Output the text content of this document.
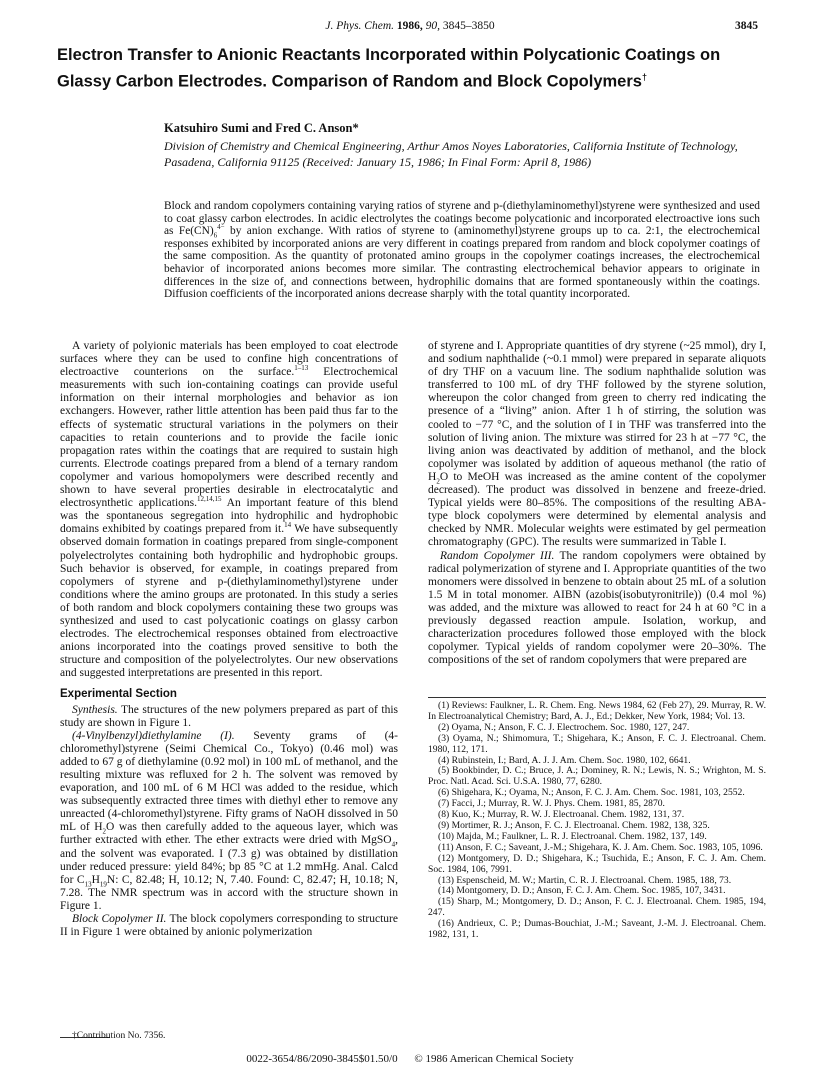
J. Phys. Chem. 1986, 90, 3845–3850	3845
Electron Transfer to Anionic Reactants Incorporated within Polycationic Coatings on Glassy Carbon Electrodes. Comparison of Random and Block Copolymers†
Katsuhiro Sumi and Fred C. Anson*
Division of Chemistry and Chemical Engineering, Arthur Amos Noyes Laboratories, California Institute of Technology, Pasadena, California 91125 (Received: January 15, 1986; In Final Form: April 8, 1986)
Block and random copolymers containing varying ratios of styrene and p-(diethylaminomethyl)styrene were synthesized and used to coat glassy carbon electrodes. In acidic electrolytes the coatings become polycationic and incorporated electroactive ions such as $Fe(CN)_6^{4-}$ by anion exchange. With ratios of styrene to (aminomethyl)styrene groups up to ca. 2:1, the electrochemical responses exhibited by incorporated anions are very different in coatings prepared from random and block copolymer coatings of the same composition. As the quantity of protonated amino groups in the copolymer coatings increases, the electrochemical behavior of incorporated anions becomes more similar. The contrasting electrochemical behavior appears to originate in differences in the size of, and connections between, hydrophilic domains that are formed spontaneously within the coatings. Diffusion coefficients of the incorporated anions decrease sharply with the total quantity incorporated.

A variety of polyionic materials has been employed to coat electrode surfaces where they can be used to confine high concentrations of electroactive counterions on the surface.$^{1-13}$ Electrochemical measurements with such ion-containing coatings can provide useful information on their internal morphologies and behavior as ion exchangers. However, rather little attention has been paid thus far to the effects of systematic structural variations in the polymers on their capacities to retain counterions and to provide the facile ionic propagation rates within the coatings that are required to sustain high currents. Electrode coatings prepared from a blend of a ternary random copolymer and various homopolymers were described recently and shown to have several properties desirable in electrocatalytic and electrosynthetic applications.$^{12,14,15}$ An important feature of this blend was the spontaneous segregation into hydrophilic and hydrophobic domains exhibited by coatings prepared from it.$^{14}$ We have subsequently observed domain formation in coatings prepared from single-component polyelectrolytes containing both hydrophilic and hydrophobic groups. Such behavior is observed, for example, in coatings prepared from copolymers of styrene and p-(diethylaminomethyl)styrene under conditions where the amino groups are protonated. In this study a series of both random and block copolymers containing these two groups was synthesized and used to cast polycationic coatings on glassy carbon electrodes. The electrochemical responses obtained from electroactive anions incorporated into the coatings proved sensitive to both the structure and composition of the polyelectrolytes. Our new observations and suggested interpretations are presented in this report.

Experimental Section

Synthesis. The structures of the new polymers prepared as part of this study are shown in Figure 1.

(4-Vinylbenzyl)diethylamine (I). Seventy grams of (4-chloromethyl)styrene (Seimi Chemical Co., Tokyo) (0.46 mol) was added to 67 g of diethylamine (0.92 mol) in 100 mL of methanol, and the resulting mixture was refluxed for 2 h. The solvent was removed by evaporation, and 100 mL of 6 M HCl was added to the residue, which was subsequently extracted three times with diethyl ether to remove any unreacted (4-chloromethyl)styrene. Fifty grams of NaOH dissolved in 50 mL of $H_2O$ was then carefully added to the aqueous layer, which was further extracted with ether. The ether extracts were dried with MgSO$_4$, and the solvent was evaporated. I (7.3 g) was obtained by distillation under reduced pressure: yield 84%; bp 85 °C at 1.2 mmHg. Anal. Calcd for $C_{13}H_{19}N$: C, 82.48; H, 10.12; N, 7.40. Found: C, 82.47; H, 10.18; N, 7.28. The NMR spectrum was in accord with the structure shown in Figure 1.

Block Copolymer II. The block copolymers corresponding to structure II in Figure 1 were obtained by anionic polymerization

of styrene and I. Appropriate quantities of dry styrene (~25 mmol), dry I, and sodium naphthalide (~0.1 mmol) were prepared in separate aliquots of dry THF on a vacuum line. The sodium naphthalide solution was transferred to 100 mL of dry THF followed by the styrene solution, whereupon the color changed from green to cherry red indicating the presence of a “living” anion. After 1 h of stirring, the solution was cooled to −77 °C, and the solution of I in THF was transferred into the solution of living anion. The mixture was stirred for 23 h at −77 °C, the living anion was deactivated by addition of methanol, and the block copolymer was isolated by addition of aqueous methanol (the ratio of $H_2O$ to MeOH was increased as the amine content of the copolymer decreased). The product was dissolved in benzene and freeze-dried. Typical yields were 80–85%. The compositions of the resulting ABA-type block copolymers were determined by elemental analysis and checked by NMR. Molecular weights were estimated by gel permeation chromatography (GPC). The results were summarized in Table I.

Random Copolymer III. The random copolymers were obtained by radical polymerization of styrene and I. Appropriate quantities of the two monomers were dissolved in benzene to obtain about 25 mL of a solution 1.5 M in total monomer. AIBN (azobis(isobutyronitrile)) (0.4 mol %) was added, and the mixture was allowed to react for 24 h at 60 °C in a previously degassed reaction ampule. Isolation, workup, and characterization procedures followed those employed with the block copolymer. Typical yields of random copolymer were 20–30%. The compositions of the set of random copolymers that were prepared are

(1) Reviews: Faulkner, L. R. Chem. Eng. News 1984, 62 (Feb 27), 29. Murray, R. W. In Electroanalytical Chemistry; Bard, A. J., Ed.; Dekker, New York, 1984; Vol. 13.
(2) Oyama, N.; Anson, F. C. J. Electrochem. Soc. 1980, 127, 247.
(3) Oyama, N.; Shimomura, T.; Shigehara, K.; Anson, F. C. J. Electroanal. Chem. 1980, 112, 171.
(4) Rubinstein, I.; Bard, A. J. J. Am. Chem. Soc. 1980, 102, 6641.
(5) Bookbinder, D. C.; Bruce, J. A.; Dominey, R. N.; Lewis, N. S.; Wrighton, M. S. Proc. Natl. Acad. Sci. U.S.A. 1980, 77, 6280.
(6) Shigehara, K.; Oyama, N.; Anson, F. C. J. Am. Chem. Soc. 1981, 103, 2552.
(7) Facci, J.; Murray, R. W. J. Phys. Chem. 1981, 85, 2870.
(8) Kuo, K.; Murray, R. W. J. Electroanal. Chem. 1982, 131, 37.
(9) Mortimer, R. J.; Anson, F. C. J. Electroanal. Chem. 1982, 138, 325.
(10) Majda, M.; Faulkner, L. R. J. Electroanal. Chem. 1982, 137, 149.
(11) Anson, F. C.; Saveant, J.-M.; Shigehara, K. J. Am. Chem. Soc. 1983, 105, 1096.
(12) Montgomery, D. D.; Shigehara, K.; Tsuchida, E.; Anson, F. C. J. Am. Chem. Soc. 1984, 106, 7991.
(13) Espenscheid, M. W.; Martin, C. R. J. Electroanal. Chem. 1985, 188, 73.
(14) Montgomery, D. D.; Anson, F. C. J. Am. Chem. Soc. 1985, 107, 3431.
(15) Sharp, M.; Montgomery, D. D.; Anson, F. C. J. Electroanal. Chem. 1985, 194, 247.
(16) Andrieux, C. P.; Dumas-Bouchiat, J.-M.; Saveant, J.-M. J. Electroanal. Chem. 1982, 131, 1.
†Contribution No. 7356.
0022-3654/86/2090-3845$01.50/0 © 1986 American Chemical Society
